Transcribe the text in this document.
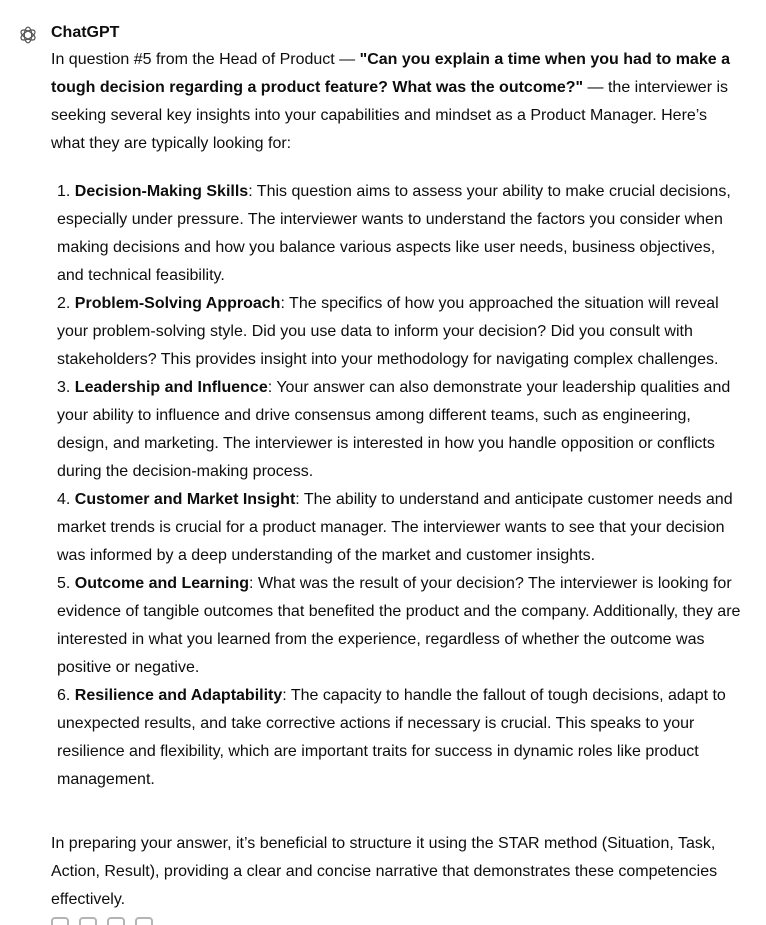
ChatGPT

In question #5 from the Head of Product — "Can you explain a time when you had to make a tough decision regarding a product feature? What was the outcome?" — the interviewer is seeking several key insights into your capabilities and mindset as a Product Manager. Here’s what they are typically looking for:

1. Decision-Making Skills: This question aims to assess your ability to make crucial decisions, especially under pressure. The interviewer wants to understand the factors you consider when making decisions and how you balance various aspects like user needs, business objectives, and technical feasibility.
2. Problem-Solving Approach: The specifics of how you approached the situation will reveal your problem-solving style. Did you use data to inform your decision? Did you consult with stakeholders? This provides insight into your methodology for navigating complex challenges.
3. Leadership and Influence: Your answer can also demonstrate your leadership qualities and your ability to influence and drive consensus among different teams, such as engineering, design, and marketing. The interviewer is interested in how you handle opposition or conflicts during the decision-making process.
4. Customer and Market Insight: The ability to understand and anticipate customer needs and market trends is crucial for a product manager. The interviewer wants to see that your decision was informed by a deep understanding of the market and customer insights.
5. Outcome and Learning: What was the result of your decision? The interviewer is looking for evidence of tangible outcomes that benefited the product and the company. Additionally, they are interested in what you learned from the experience, regardless of whether the outcome was positive or negative.
6. Resilience and Adaptability: The capacity to handle the fallout of tough decisions, adapt to unexpected results, and take corrective actions if necessary is crucial. This speaks to your resilience and flexibility, which are important traits for success in dynamic roles like product management.

In preparing your answer, it’s beneficial to structure it using the STAR method (Situation, Task, Action, Result), providing a clear and concise narrative that demonstrates these competencies effectively.
